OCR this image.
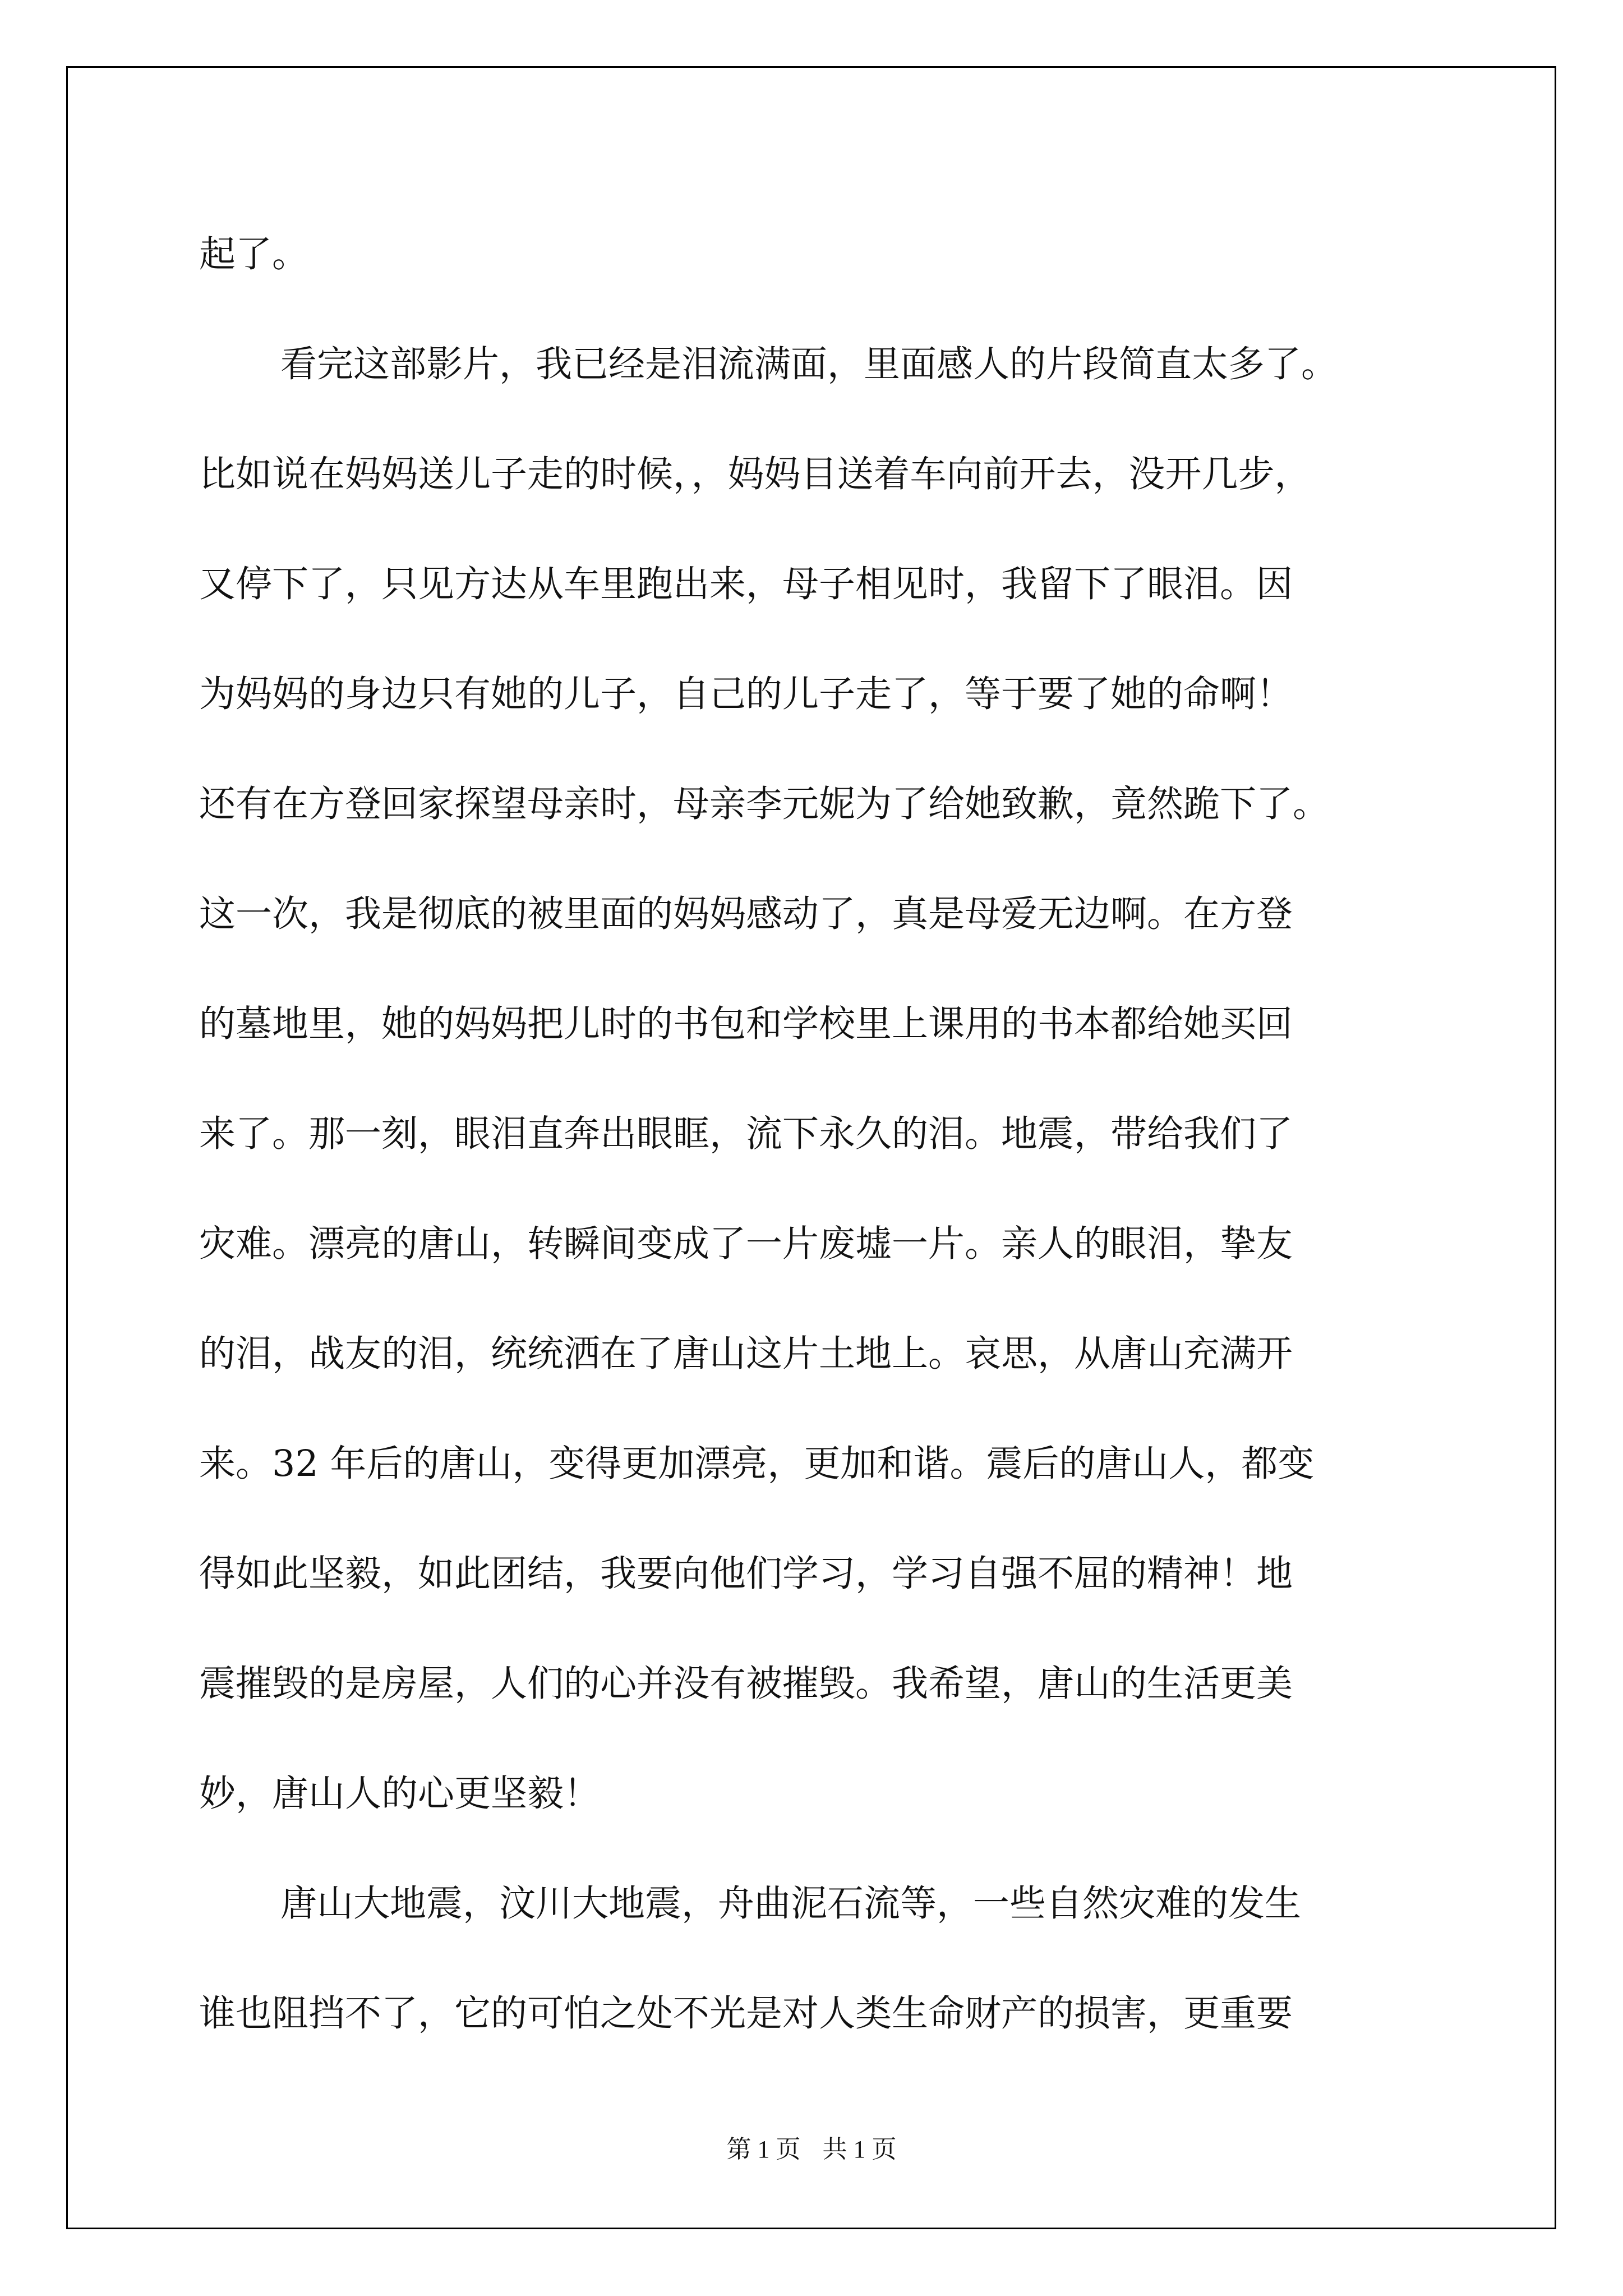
起了。
看完这部影片，我已经是泪流满面，里面感人的片段简直太多了。
比如说在妈妈送儿子走的时候，，妈妈目送着车向前开去，没开几步，
又停下了，只见方达从车里跑出来，母子相见时，我留下了眼泪。因
为妈妈的身边只有她的儿子，自己的儿子走了，等于要了她的命啊！
还有在方登回家探望母亲时，母亲李元妮为了给她致歉，竟然跪下了。
这一次，我是彻底的被里面的妈妈感动了，真是母爱无边啊。在方登
的墓地里，她的妈妈把儿时的书包和学校里上课用的书本都给她买回
来了。那一刻，眼泪直奔出眼眶，流下永久的泪。地震，带给我们了
灾难。漂亮的唐山，转瞬间变成了一片废墟一片。亲人的眼泪，挚友
的泪，战友的泪，统统洒在了唐山这片土地上。哀思，从唐山充满开
来。32 年后的唐山，变得更加漂亮，更加和谐。震后的唐山人，都变
得如此坚毅，如此团结，我要向他们学习，学习自强不屈的精神！地
震摧毁的是房屋，人们的心并没有被摧毁。我希望，唐山的生活更美
妙，唐山人的心更坚毅！
唐山大地震，汶川大地震，舟曲泥石流等，一些自然灾难的发生
谁也阻挡不了，它的可怕之处不光是对人类生命财产的损害，更重要
第 1 页 共 1 页
